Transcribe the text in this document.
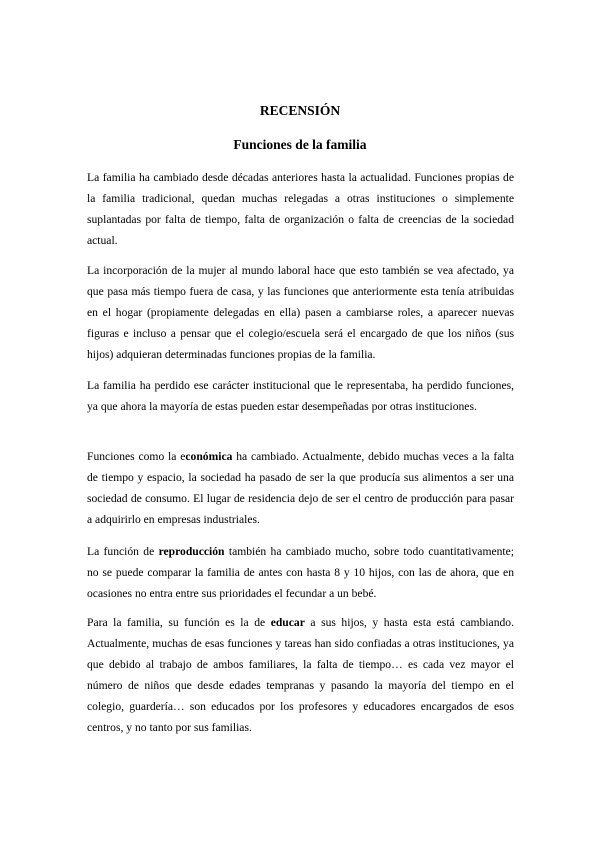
RECENSIÓN
Funciones de la familia

La familia ha cambiado desde décadas anteriores hasta la actualidad. Funciones propias de la familia tradicional, quedan muchas relegadas a otras instituciones o simplemente suplantadas por falta de tiempo, falta de organización o falta de creencias de la sociedad actual.

La incorporación de la mujer al mundo laboral hace que esto también se vea afectado, ya que pasa más tiempo fuera de casa, y las funciones que anteriormente esta tenía atribuidas en el hogar (propiamente delegadas en ella) pasen a cambiarse roles, a aparecer nuevas figuras e incluso a pensar que el colegio/escuela será el encargado de que los niños (sus hijos) adquieran determinadas funciones propias de la familia.

La familia ha perdido ese carácter institucional que le representaba, ha perdido funciones, ya que ahora la mayoría de estas pueden estar desempeñadas por otras instituciones.

Funciones como la económica ha cambiado. Actualmente, debido muchas veces a la falta de tiempo y espacio, la sociedad ha pasado de ser la que producía sus alimentos a ser una sociedad de consumo. El lugar de residencia dejo de ser el centro de producción para pasar a adquirirlo en empresas industriales.

La función de reproducción también ha cambiado mucho, sobre todo cuantitativamente; no se puede comparar la familia de antes con hasta 8 y 10 hijos, con las de ahora, que en ocasiones no entra entre sus prioridades el fecundar a un bebé.

Para la familia, su función es la de educar a sus hijos, y hasta esta está cambiando. Actualmente, muchas de esas funciones y tareas han sido confiadas a otras instituciones, ya que debido al trabajo de ambos familiares, la falta de tiempo… es cada vez mayor el número de niños que desde edades tempranas y pasando la mayoría del tiempo en el colegio, guardería… son educados por los profesores y educadores encargados de esos centros, y no tanto por sus familias.
